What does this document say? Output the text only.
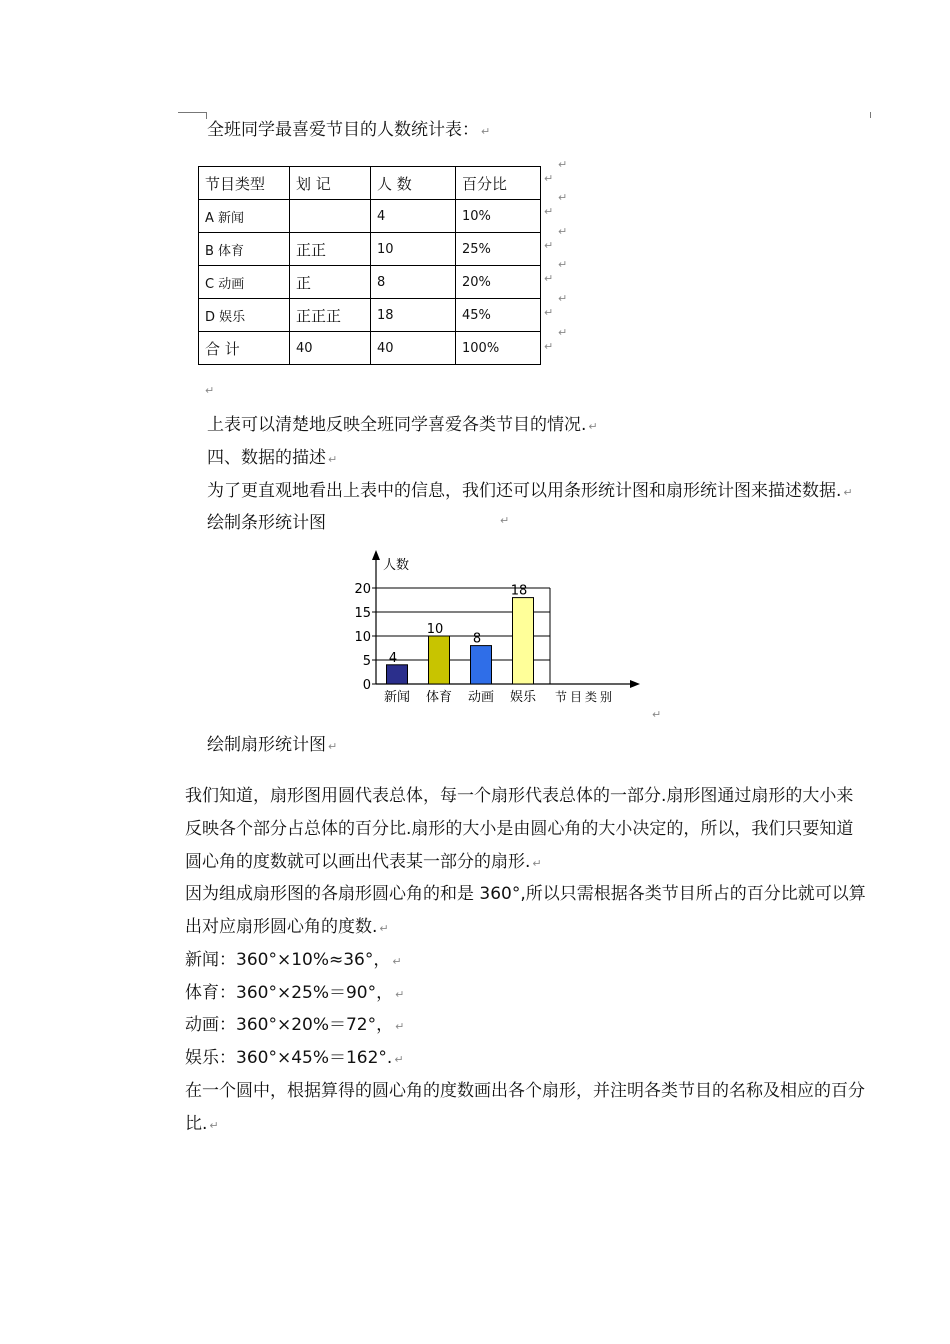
全班同学最喜爱节目的人数统计表： ↵
节目类型	划 记	人 数	百分比
A 新闻		4	10%
B 体育	正正	10	25%
C 动画	正	8	20%
D 娱乐	正正正	18	45%
合 计	40	40	100%
↵
↵
↵
↵
↵
↵
↵
↵
↵
↵
↵
↵
↵
上表可以清楚地反映全班同学喜爱各类节目的情况. ↵
四、数据的描述 ↵
为了更直观地看出上表中的信息，我们还可以用条形统计图和扇形统计图来描述数据. ↵
绘制条形统计图	↵
0
5
10
15
20
人数
4
新闻
10
体育
8
动画
18
娱乐 节目类别
↵
绘制扇形统计图 ↵
我们知道，扇形图用圆代表总体，每一个扇形代表总体的一部分.扇形图通过扇形的大小来
反映各个部分占总体的百分比.扇形的大小是由圆心角的大小决定的，所以，我们只要知道
圆心角的度数就可以画出代表某一部分的扇形. ↵
因为组成扇形图的各扇形圆心角的和是 360°,所以只需根据各类节目所占的百分比就可以算
出对应扇形圆心角的度数. ↵
新闻：360°×10%≈36°， ↵
体育：360°×25%＝90°， ↵
动画：360°×20%＝72°， ↵
娱乐：360°×45%＝162°. ↵
在一个圆中，根据算得的圆心角的度数画出各个扇形，并注明各类节目的名称及相应的百分
比. ↵
